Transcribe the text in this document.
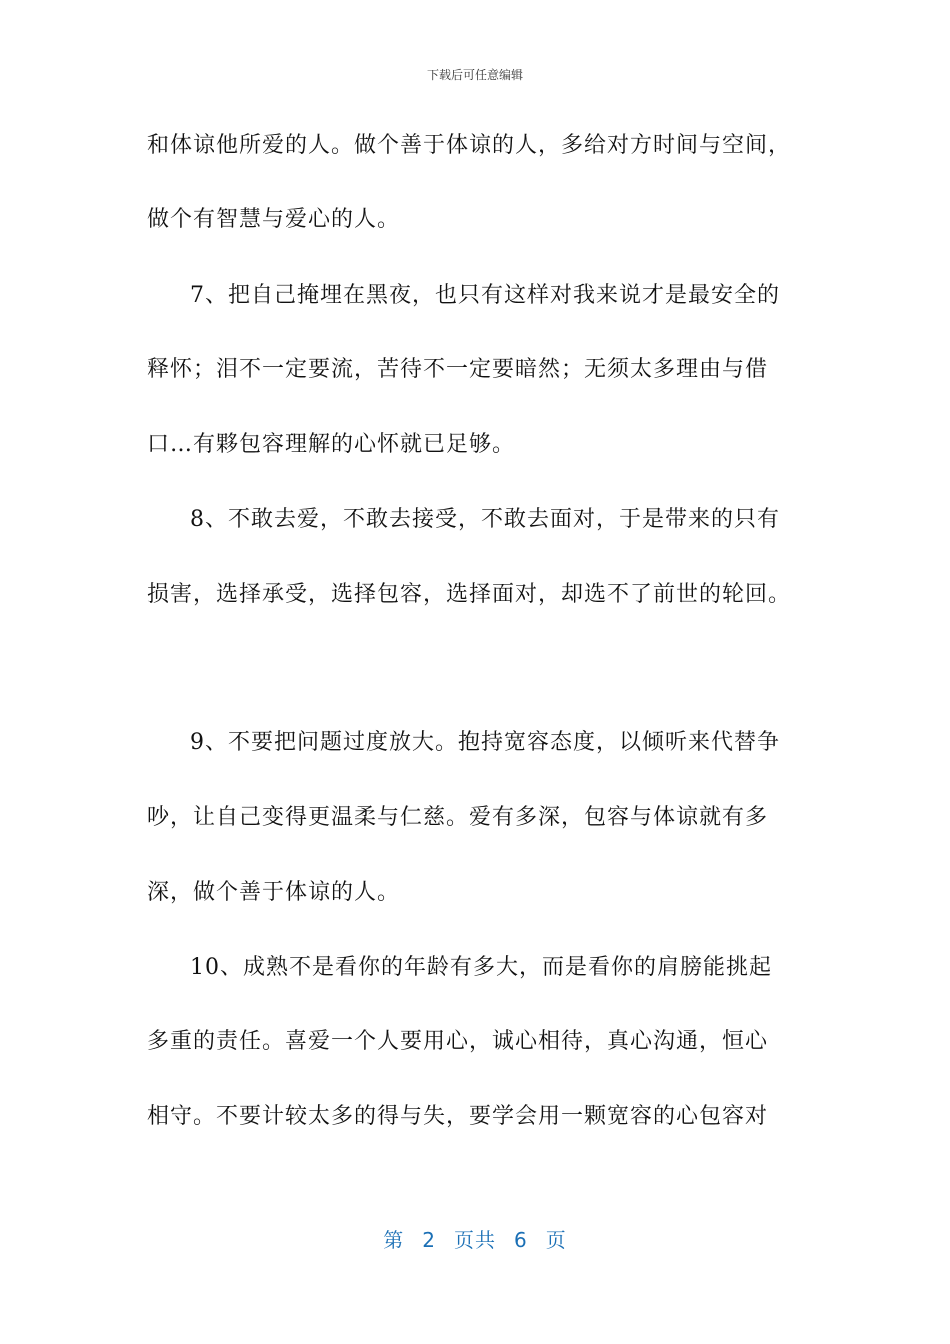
下载后可任意编辑
和体谅他所爱的人。做个善于体谅的人，多给对方时间与空间，
做个有智慧与爱心的人。
7、把自己掩埋在黑夜，也只有这样对我来说才是最安全的
释怀；泪不一定要流，苦待不一定要暗然；无须太多理由与借
口…有夥包容理解的心怀就已足够。
8、不敢去爱，不敢去接受，不敢去面对，于是带来的只有
损害，选择承受，选择包容，选择面对，却选不了前世的轮回。
9、不要把问题过度放大。抱持宽容态度，以倾听来代替争
吵，让自己变得更温柔与仁慈。爱有多深，包容与体谅就有多
深，做个善于体谅的人。
10、成熟不是看你的年龄有多大，而是看你的肩膀能挑起
多重的责任。喜爱一个人要用心，诚心相待，真心沟通，恒心
相守。不要计较太多的得与失，要学会用一颗宽容的心包容对
第 2 页共 6 页
